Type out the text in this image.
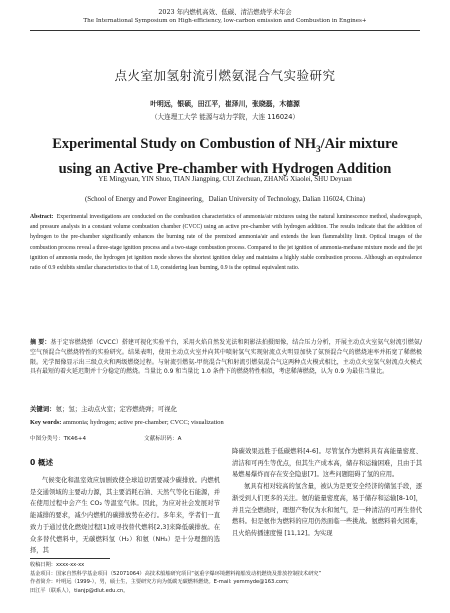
2023 年内燃机高效、低碳、清洁燃烧学术年会
The International Symposium on High-efficiency, low-carbon emission and Combustion in Engines+
点火室加氢射流引燃氨混合气实验研究
叶明远，银硕，田江平，崔泽川，张晓磊，木德源
（大连理工大学 能源与动力学院，大连 116024）
Experimental Study on Combustion of $NH_3$/Air mixture
using an Active Pre-chamber with Hydrogen Addition
YE Mingyuan, YIN Shuo, TIAN Jiangping, CUI Zechuan, ZHANG Xiaolei, SHU Deyuan
(School of Energy and Power Engineering，Dalian University of Technology, Dalian 116024, China)
Abstract: Experimental investigations are conducted on the combustion characteristics of ammonia/air mixtures using the natural luminescence method, shadowgraph, and pressure analysis in a constant volume combustion chamber (CVCC) using an active pre-chamber with hydrogen addition. The results indicate that the addition of hydrogen to the pre-chamber significantly enhances the burning rate of the premixed ammonia/air and extends the lean flammability limit. Optical images of the combustion process reveal a three-stage ignition process and a two-stage combustion process. Compared to the jet ignition of ammonia-methane mixture mode and the jet ignition of ammonia mode, the hydrogen jet ignition mode shows the shortest ignition delay and maintains a highly stable combustion process. Although an equivalence ratio of 0.9 exhibits similar characteristics to that of 1.0, considering lean burning, 0.9 is the optimal equivalent ratio.
摘 要：基于定容燃烧弹（CVCC）搭建可视化实验平台，采用火焰自然发光法和阴影法拍摄图像，结合压力分析，开展主动点火室氨气射流引燃氨/空气预混合气燃烧特性的实验研究。结果表明，使用主动点火室并向其中喷射氢气实现射流点火明显加快了氨预混合气的燃烧速率并拓宽了稀燃极限。光学图像显示出三级点火和两级燃烧过程。与射流引燃氨-甲烷混合气和射流引燃氨混合气这两种点火模式相比，主动点火室氢气射流点火模式具有最短的着火延迟期并十分稳定的燃烧。当量比 0.9 和当量比 1.0 条件下的燃烧特性相似，考虑稀薄燃烧，认为 0.9 为最佳当量比。
关键词：氨；氢；主动点火室；定容燃烧弹；可视化
Key words: ammonia; hydrogen; active pre-chamber; CVCC; visualization
中图分类号：TK46+4	文献标识码：A
0 概述
气候变化和温室效应加剧致使全球迫切需要减少碳排放。内燃机是交通领域的主要动力源，其主要消耗石油、天然气等化石能源，并在使用过程中会产生 CO₂ 等温室气体。因此，为应对社会发展对节能减排的要求，减少内燃机的碳排放势在必行。多年来，学者们一直致力于通过优化燃烧过程[1]或寻找替代燃料[2,3]来降低碳排放。在众多替代燃料中，无碳燃料氢（H₂）和氨（NH₃）是十分理想的选择，其

降碳效果远胜于低碳燃料[4-6]。尽管氢作为燃料具有高能量密度、清洁和可再生等优点，但其生产成本高，储存和运输困难，且由于其易燃易爆炸而存在安全隐患[7]。这些问题阻碍了氢的应用。

氨具有相对较高的氢含量，被认为是更安全经济的储氢手段，逐渐受到人们更多的关注。氨的能量密度高，易于储存和运输[8-10]，并且完全燃烧时，理想产物仅为水和氮气，是一种清洁的可再生替代燃料。但是氨作为燃料的应用仍然面临一些挑战。氨燃料着火困难，且火焰传播速度慢 [11,12]。为实现

收稿日期：xxxx-xx-xx
基金项目：国家自然科学基金项目（52071064）高技术船舶研究项目“氨重字爆环境燃料箱船发动机燃烧及排放控制技术研究”
作者简介：叶明远（1999-），男，硕士生，主要研究方向为低碳无碳燃料燃烧。E-mail: yemmyde@163.com;
田江平（联系人），tianjp@dlut.edu.cn。
